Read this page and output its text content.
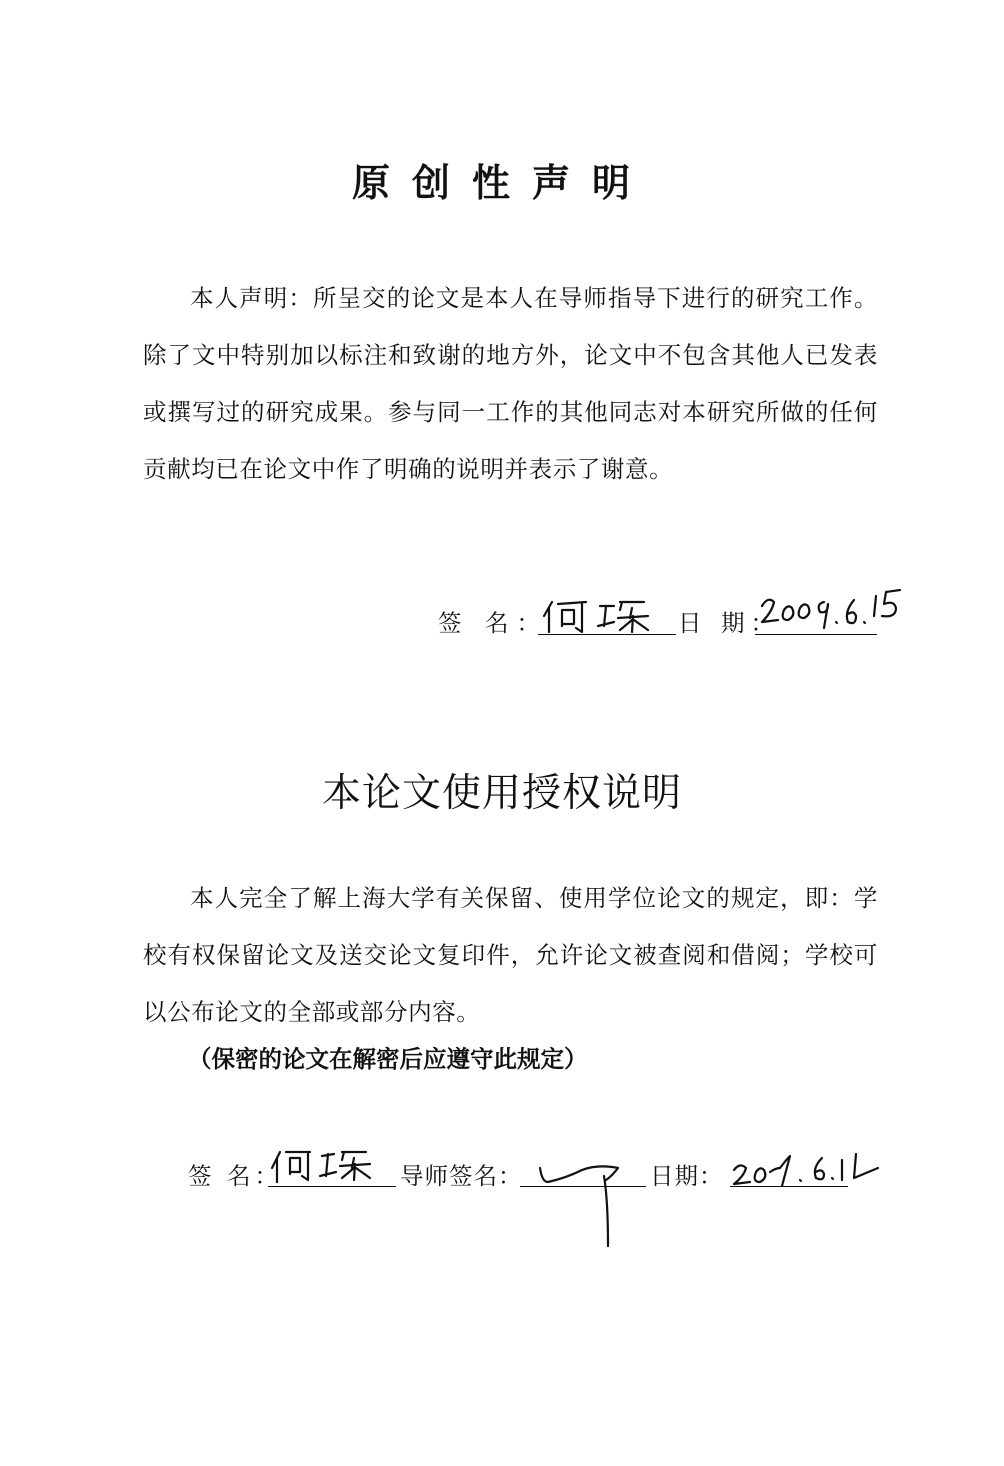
原创性声明

本人声明：所呈交的论文是本人在导师指导下进行的研究工作。除了文中特别加以标注和致谢的地方外，论文中不包含其他人已发表或撰写过的研究成果。参与同一工作的其他同志对本研究所做的任何贡献均已在论文中作了明确的说明并表示了谢意。

签 名：	日 期：
本论文使用授权说明

本人完全了解上海大学有关保留、使用学位论文的规定，即：学校有权保留论文及送交论文复印件，允许论文被查阅和借阅；学校可以公布论文的全部或部分内容。

（保密的论文在解密后应遵守此规定）
签 名：	导师签名：	日期：
